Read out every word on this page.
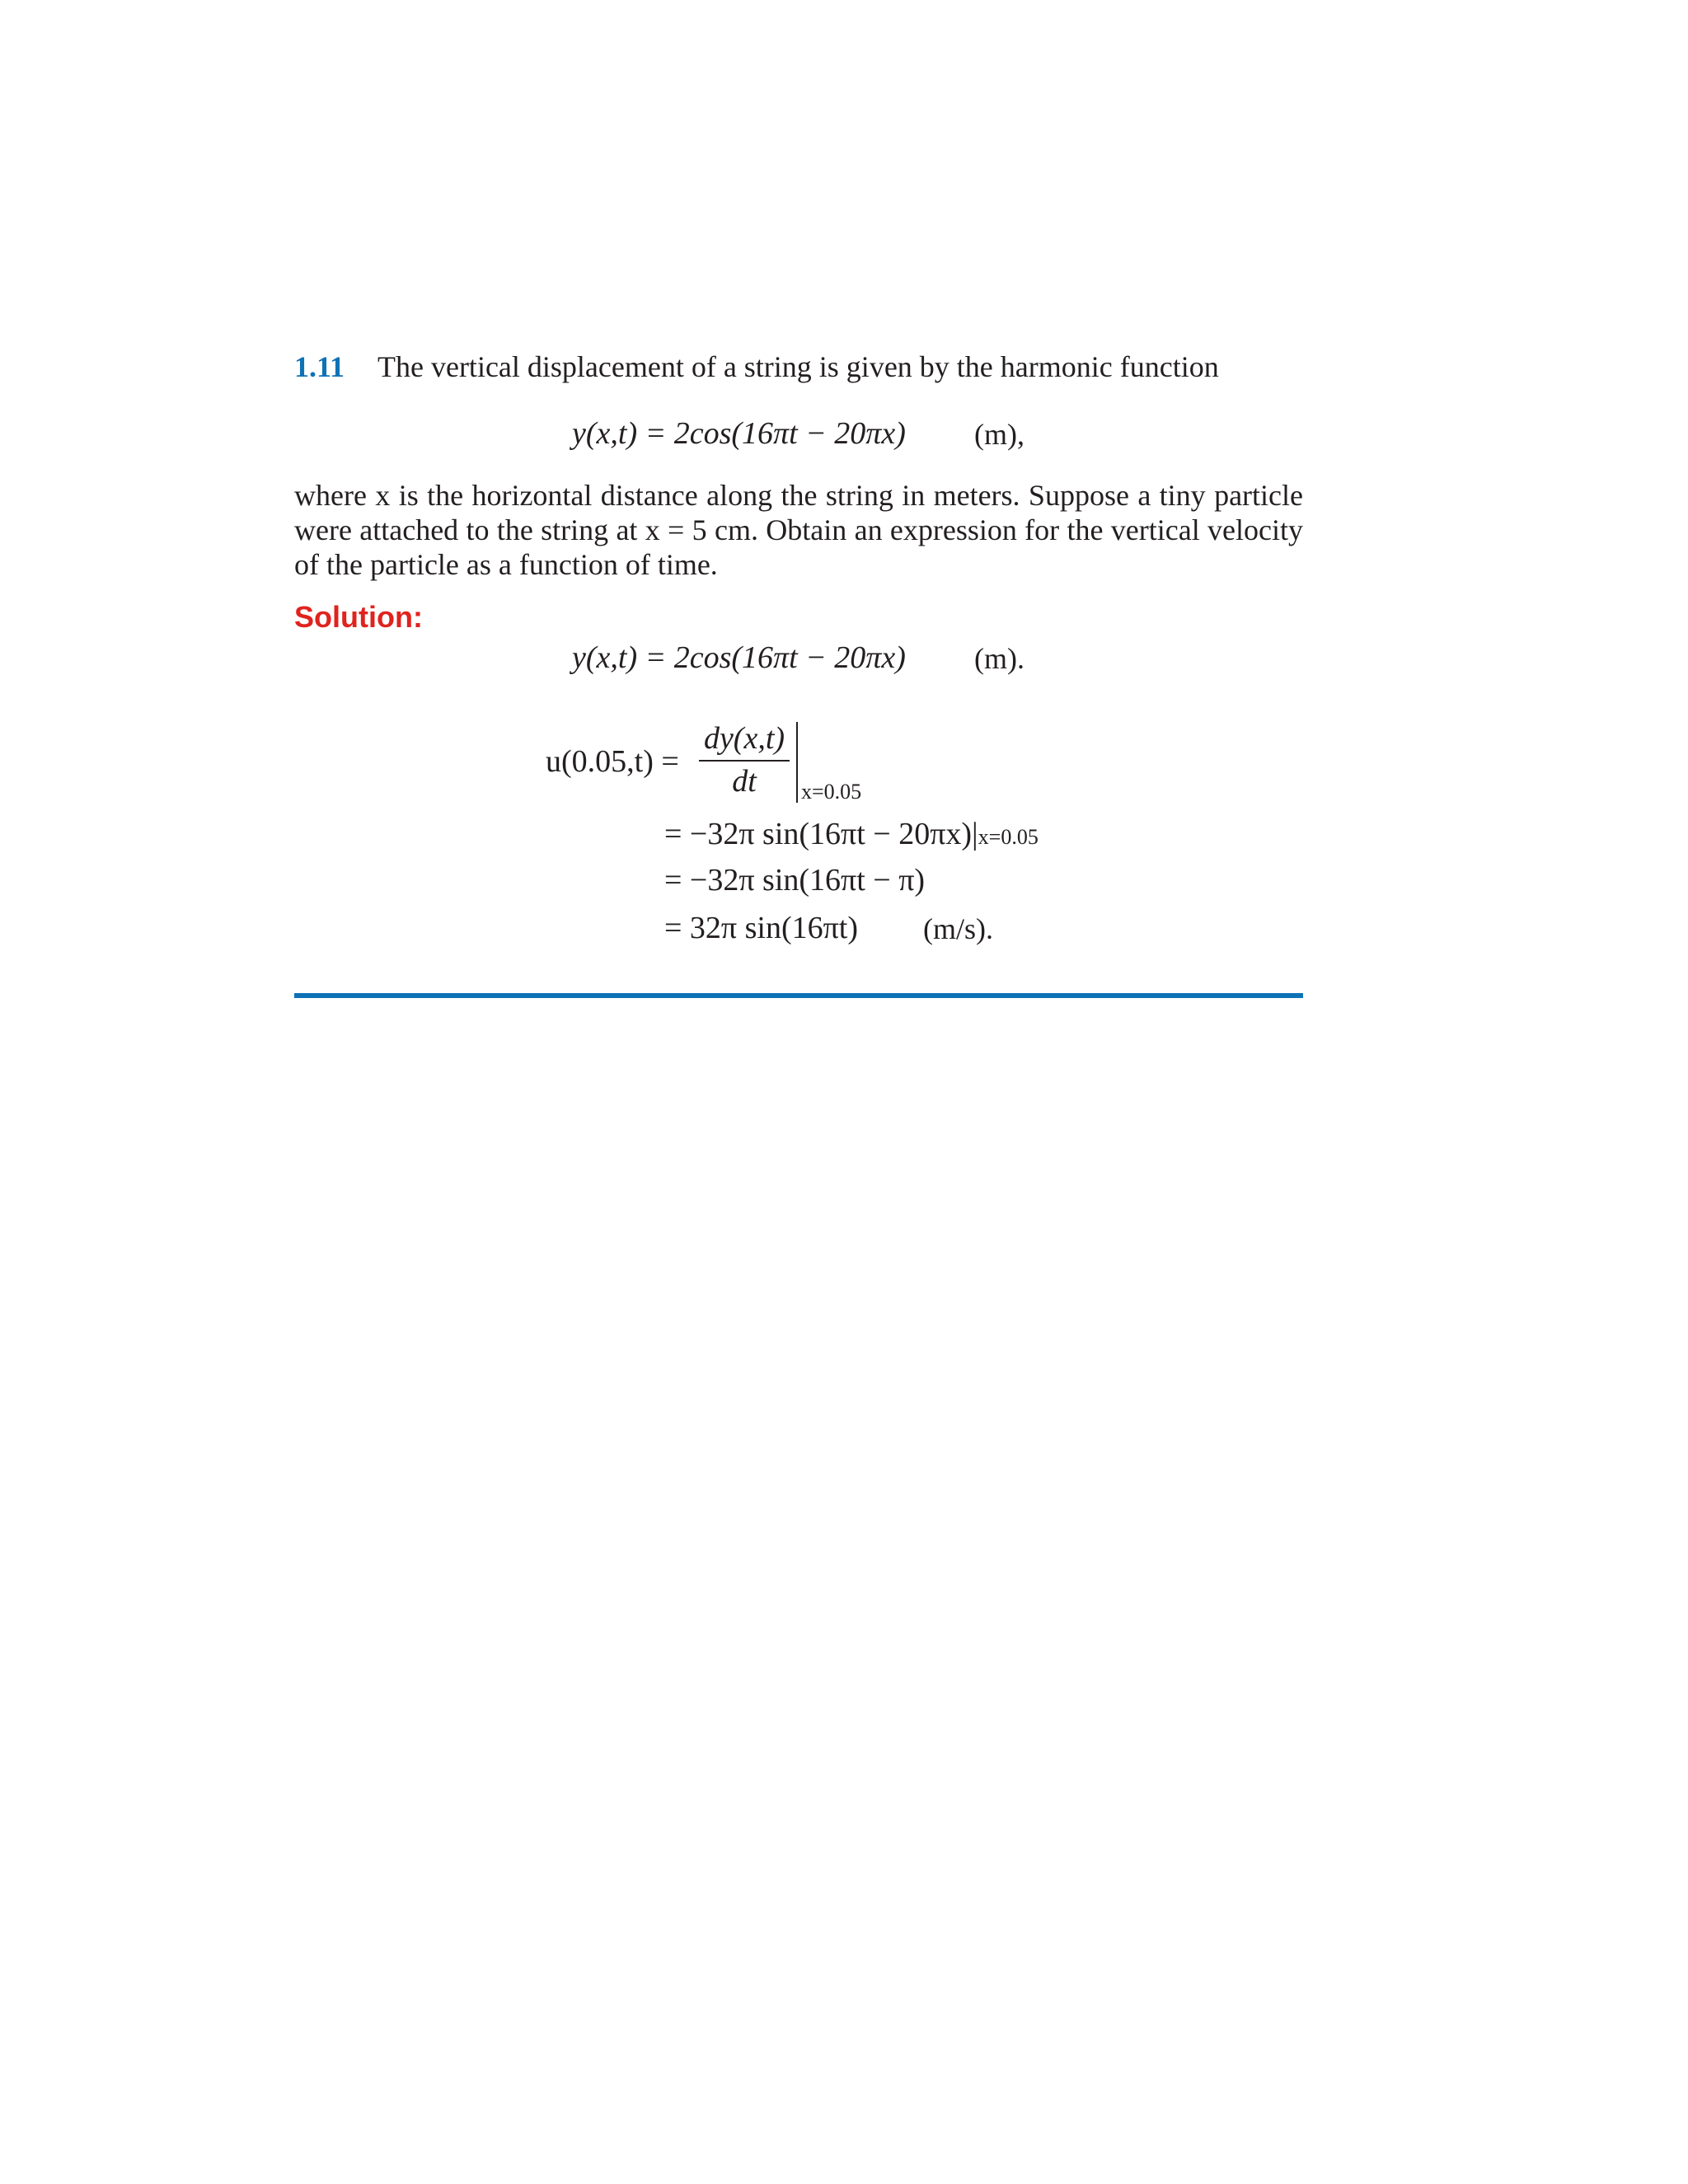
1.11 The vertical displacement of a string is given by the harmonic function
y(x,t) = 2cos(16πt − 20πx) (m),
where x is the horizontal distance along the string in meters. Suppose a tiny particle
were attached to the string at x = 5 cm. Obtain an expression for the vertical velocity
of the particle as a function of time.
Solution:
y(x,t) = 2cos(16πt − 20πx) (m).
u(0.05,t) =
dy(x,t)
dt	x=0.05
= −32π sin(16πt − 20πx)|x=0.05
= −32π sin(16πt − π)
= 32π sin(16πt) (m/s).
